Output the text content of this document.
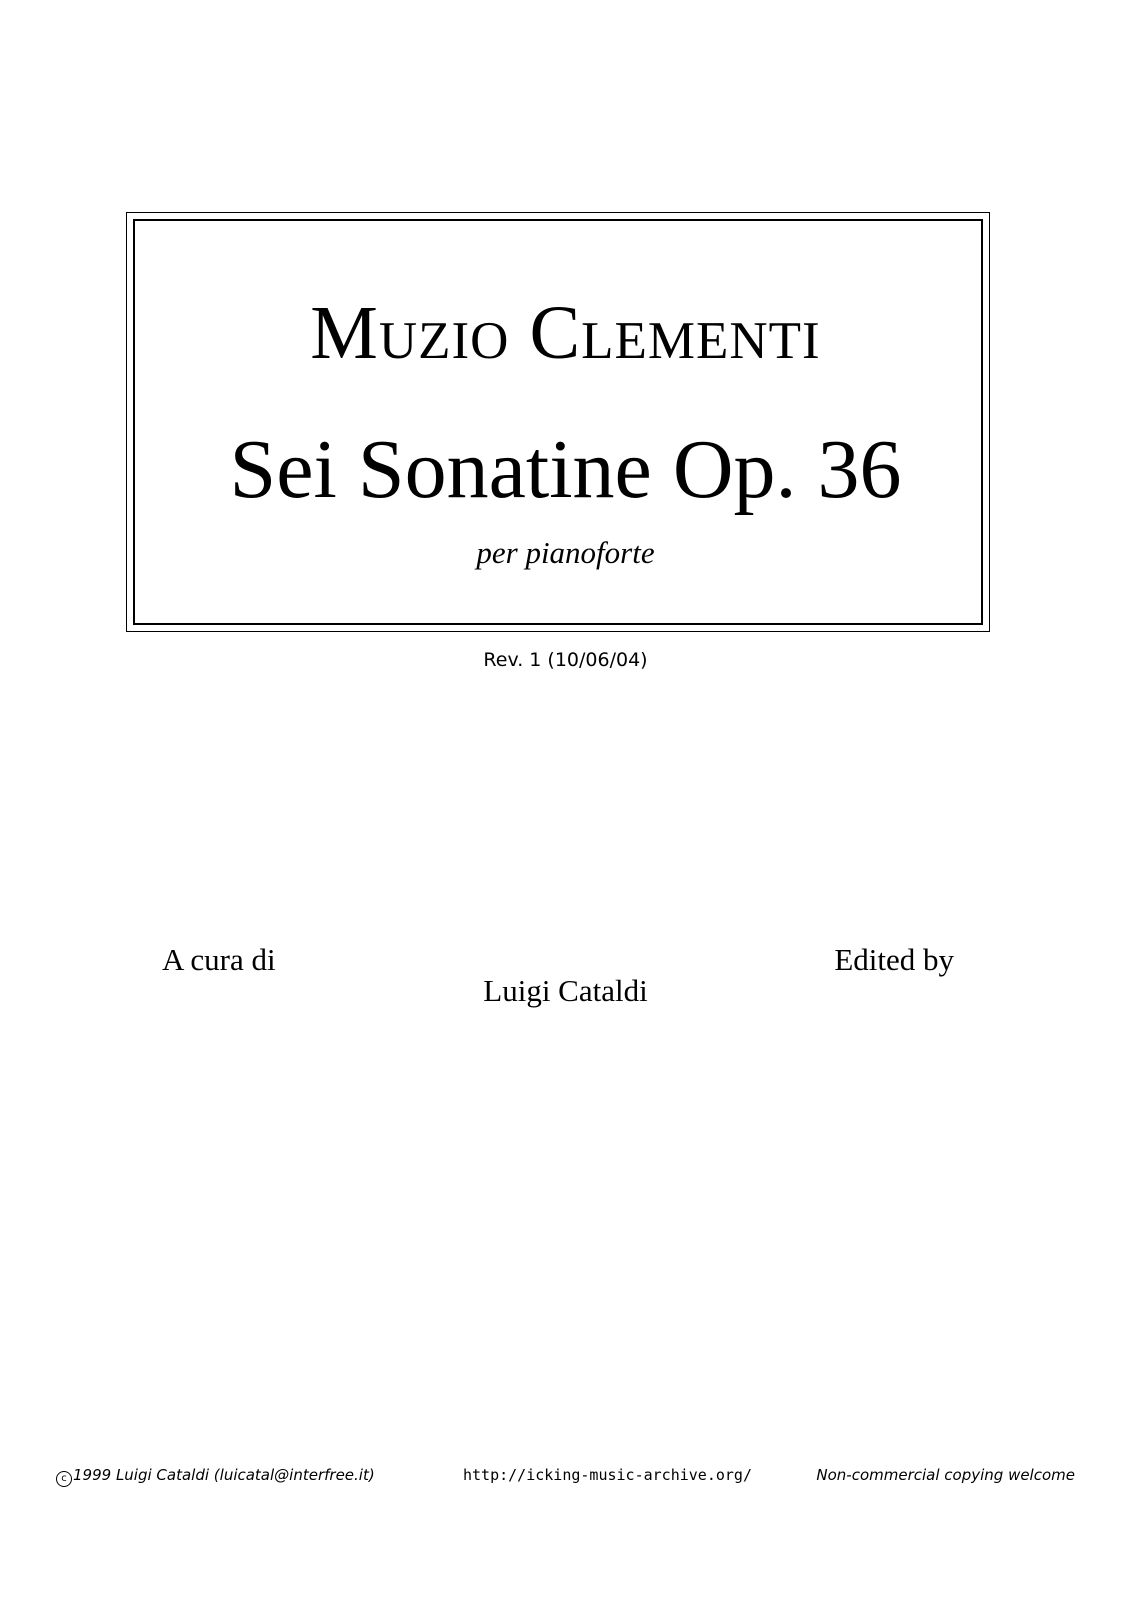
Muzio Clementi
Sei Sonatine Op. 36
per pianoforte
Rev. 1 (10/06/04)
A cura di	Edited by
Luigi Cataldi
c 1999 Luigi Cataldi (luicatal@interfree.it)	http://icking-music-archive.org/	Non-commercial copying welcome
